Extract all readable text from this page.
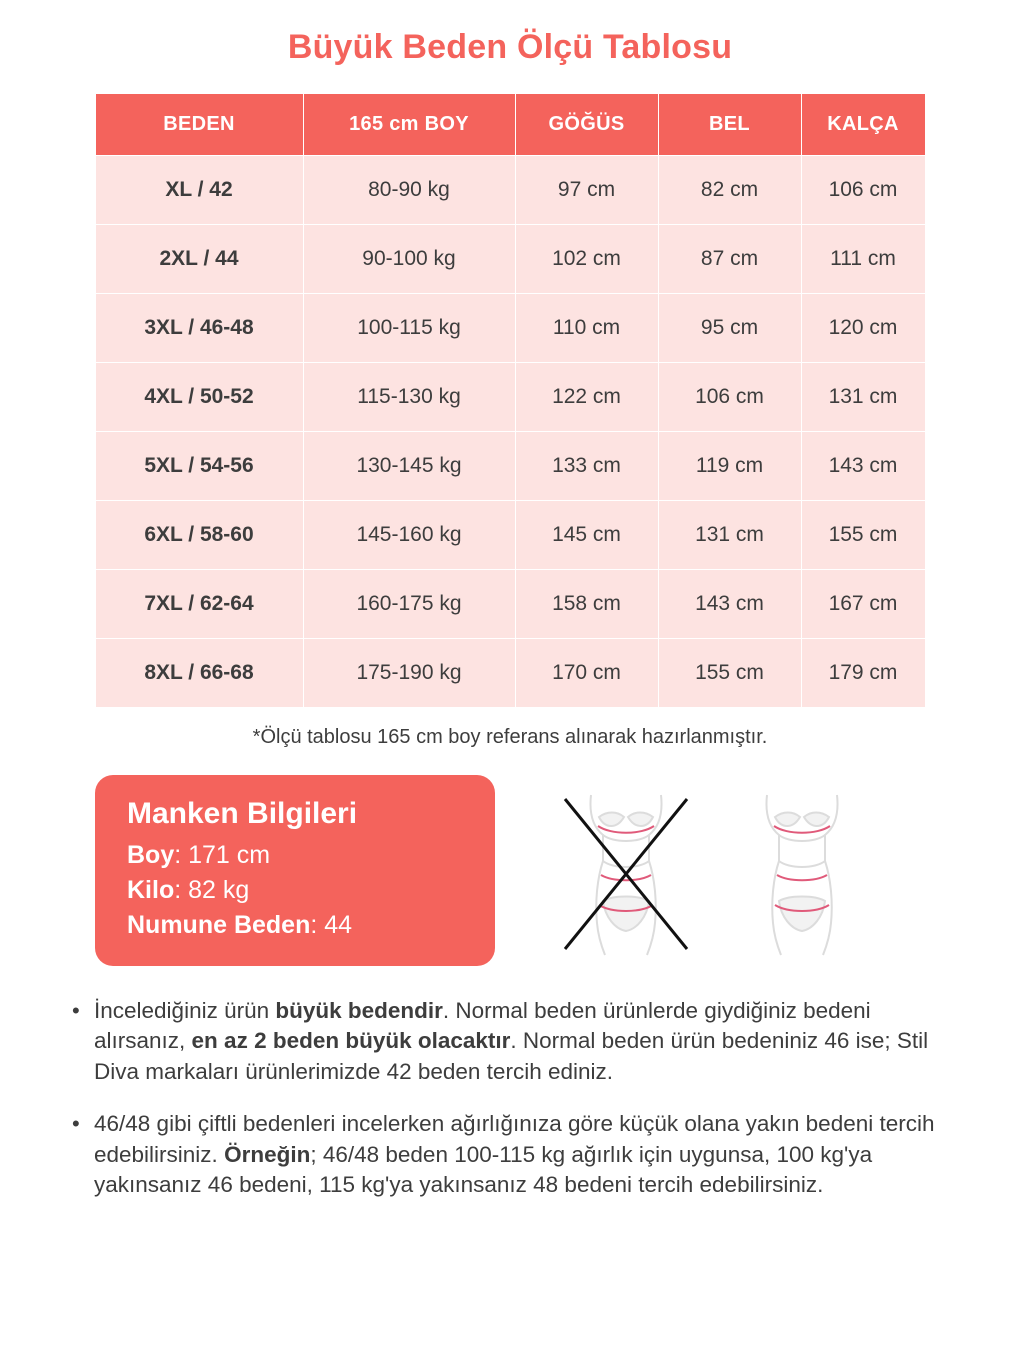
Büyük Beden Ölçü Tablosu
BEDEN	165 cm BOY	GÖĞÜS	BEL	KALÇA
XL / 42	80-90 kg	97 cm	82 cm	106 cm
2XL / 44	90-100 kg	102 cm	87 cm	111 cm
3XL / 46-48	100-115 kg	110 cm	95 cm	120 cm
4XL / 50-52	115-130 kg	122 cm	106 cm	131 cm
5XL / 54-56	130-145 kg	133 cm	119 cm	143 cm
6XL / 58-60	145-160 kg	145 cm	131 cm	155 cm
7XL / 62-64	160-175 kg	158 cm	143 cm	167 cm
8XL / 66-68	175-190 kg	170 cm	155 cm	179 cm
*Ölçü tablosu 165 cm boy referans alınarak hazırlanmıştır.
Manken Bilgileri
Boy: 171 cm
Kilo: 82 kg
Numune Beden: 44
• İncelediğiniz ürün büyük bedendir. Normal beden ürünlerde giydiğiniz bedeni alırsanız, en az 2 beden büyük olacaktır. Normal beden ürün bedeniniz 46 ise; Stil Diva markaları ürünlerimizde 42 beden tercih ediniz.
• 46/48 gibi çiftli bedenleri incelerken ağırlığınıza göre küçük olana yakın bedeni tercih edebilirsiniz. Örneğin; 46/48 beden 100-115 kg ağırlık için uygunsa, 100 kg'ya yakınsanız 46 bedeni, 115 kg'ya yakınsanız 48 bedeni tercih edebilirsiniz.
